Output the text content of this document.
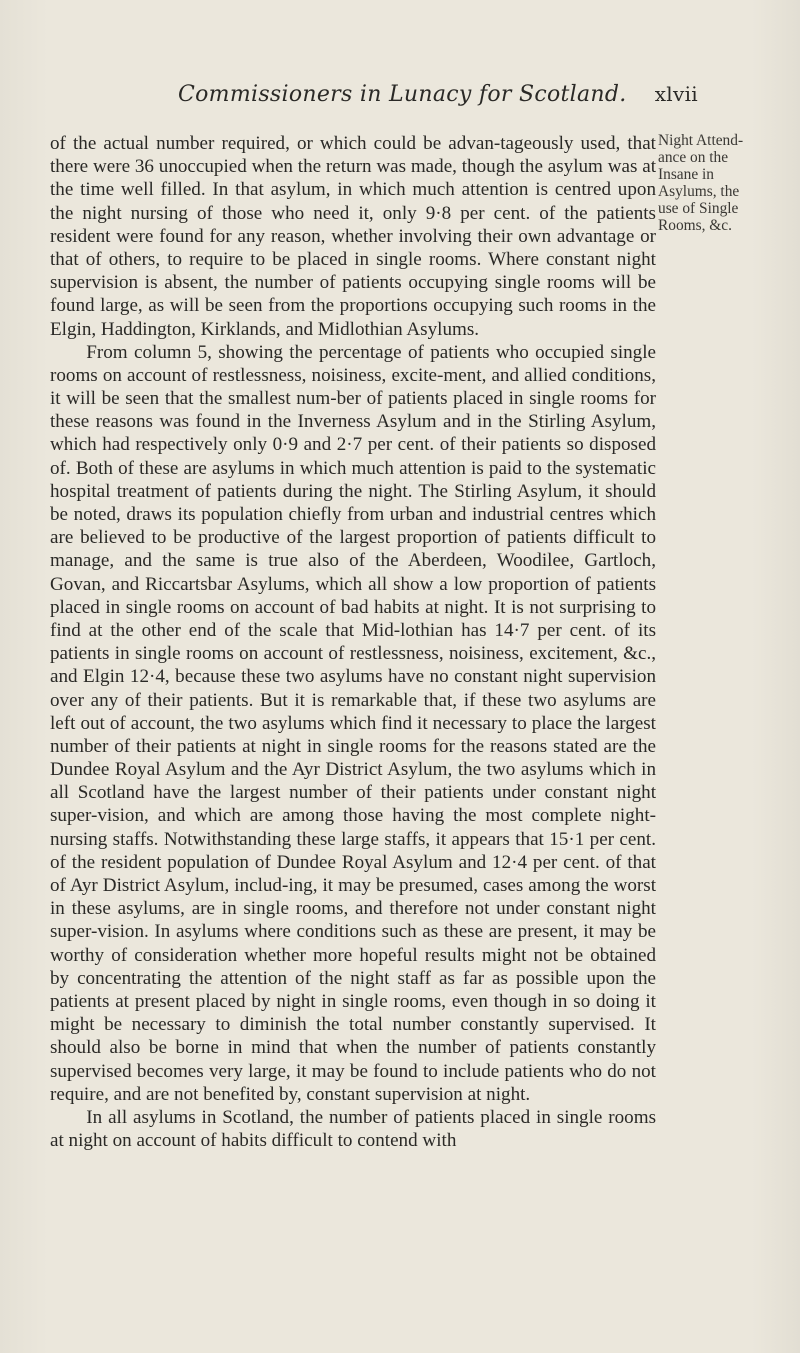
Commissioners in Lunacy for Scotland. xlvii

of the actual number required, or which could be advan-tageously used, that there were 36 unoccupied when the return was made, though the asylum was at the time well filled. In that asylum, in which much attention is centred upon the night nursing of those who need it, only 9·8 per cent. of the patients resident were found for any reason, whether involving their own advantage or that of others, to require to be placed in single rooms. Where constant night supervision is absent, the number of patients occupying single rooms will be found large, as will be seen from the proportions occupying such rooms in the Elgin, Haddington, Kirklands, and Midlothian Asylums.

From column 5, showing the percentage of patients who occupied single rooms on account of restlessness, noisiness, excite-ment, and allied conditions, it will be seen that the smallest num-ber of patients placed in single rooms for these reasons was found in the Inverness Asylum and in the Stirling Asylum, which had respectively only 0·9 and 2·7 per cent. of their patients so disposed of. Both of these are asylums in which much attention is paid to the systematic hospital treatment of patients during the night. The Stirling Asylum, it should be noted, draws its population chiefly from urban and industrial centres which are believed to be productive of the largest proportion of patients difficult to manage, and the same is true also of the Aberdeen, Woodilee, Gartloch, Govan, and Riccartsbar Asylums, which all show a low proportion of patients placed in single rooms on account of bad habits at night. It is not surprising to find at the other end of the scale that Mid-lothian has 14·7 per cent. of its patients in single rooms on account of restlessness, noisiness, excitement, &c., and Elgin 12·4, because these two asylums have no constant night supervision over any of their patients. But it is remarkable that, if these two asylums are left out of account, the two asylums which find it necessary to place the largest number of their patients at night in single rooms for the reasons stated are the Dundee Royal Asylum and the Ayr District Asylum, the two asylums which in all Scotland have the largest number of their patients under constant night super-vision, and which are among those having the most complete night-nursing staffs. Notwithstanding these large staffs, it appears that 15·1 per cent. of the resident population of Dundee Royal Asylum and 12·4 per cent. of that of Ayr District Asylum, includ-ing, it may be presumed, cases among the worst in these asylums, are in single rooms, and therefore not under constant night super-vision. In asylums where conditions such as these are present, it may be worthy of consideration whether more hopeful results might not be obtained by concentrating the attention of the night staff as far as possible upon the patients at present placed by night in single rooms, even though in so doing it might be necessary to diminish the total number constantly supervised. It should also be borne in mind that when the number of patients constantly supervised becomes very large, it may be found to include patients who do not require, and are not benefited by, constant supervision at night.

In all asylums in Scotland, the number of patients placed in single rooms at night on account of habits difficult to contend with

Night Attend-
ance on the
Insane in
Asylums, the
use of Single
Rooms, &c.
